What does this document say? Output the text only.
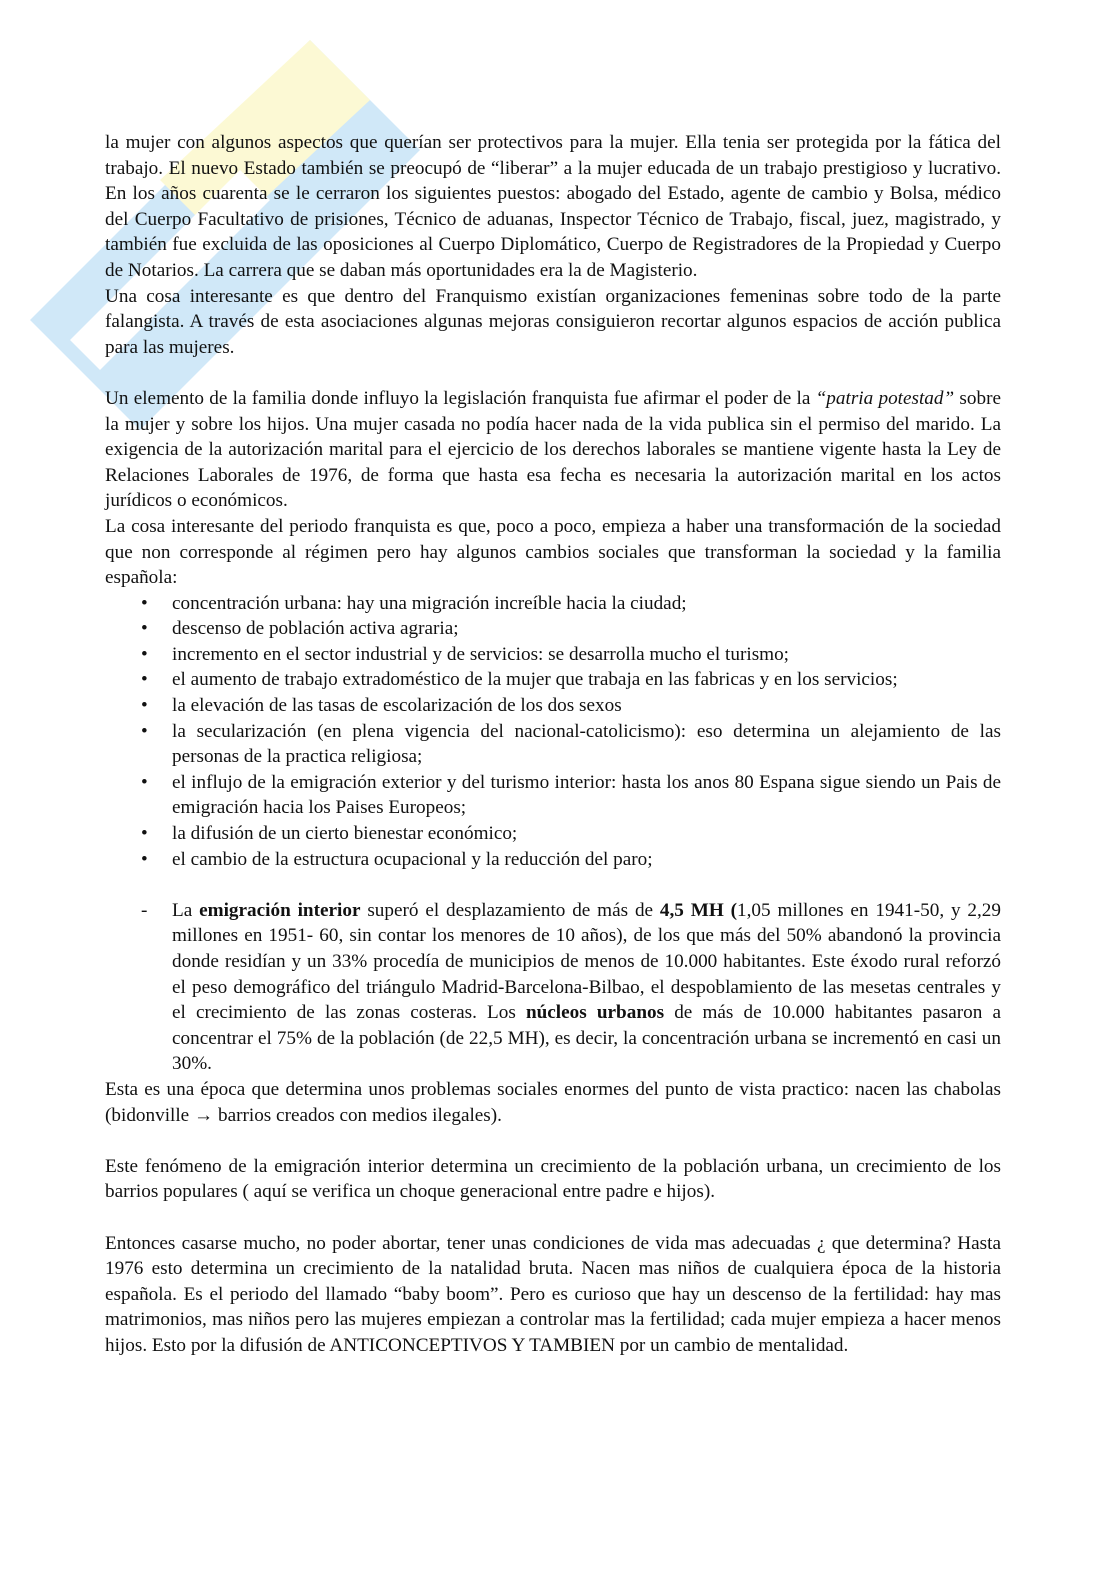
la mujer con algunos aspectos que querían ser protectivos para la mujer. Ella tenia ser protegida por la fática del trabajo. El nuevo Estado también se preocupó de “liberar” a la mujer educada de un trabajo prestigioso y lucrativo. En los años cuarenta se le cerraron los siguientes puestos: abogado del Estado, agente de cambio y Bolsa, médico del Cuerpo Facultativo de prisiones, Técnico de aduanas, Inspector Técnico de Trabajo, fiscal, juez, magistrado, y también fue excluida de las oposiciones al Cuerpo Diplomático, Cuerpo de Registradores de la Propiedad y Cuerpo de Notarios. La carrera que se daban más oportunidades era la de Magisterio.

Una cosa interesante es que dentro del Franquismo existían organizaciones femeninas sobre todo de la parte falangista. A través de esta asociaciones algunas mejoras consiguieron recortar algunos espacios de acción publica para las mujeres.

Un elemento de la familia donde influyo la legislación franquista fue afirmar el poder de la “patria potestad” sobre la mujer y sobre los hijos. Una mujer casada no podía hacer nada de la vida publica sin el permiso del marido. La exigencia de la autorización marital para el ejercicio de los derechos laborales se mantiene vigente hasta la Ley de Relaciones Laborales de 1976, de forma que hasta esa fecha es necesaria la autorización marital en los actos jurídicos o económicos.

La cosa interesante del periodo franquista es que, poco a poco, empieza a haber una transformación de la sociedad que non corresponde al régimen pero hay algunos cambios sociales que transforman la sociedad y la familia española:

• concentración urbana: hay una migración increíble hacia la ciudad;
• descenso de población activa agraria;
• incremento en el sector industrial y de servicios: se desarrolla mucho el turismo;
• el aumento de trabajo extradoméstico de la mujer que trabaja en las fabricas y en los servicios;
• la elevación de las tasas de escolarización de los dos sexos
• la secularización (en plena vigencia del nacional-catolicismo): eso determina un alejamiento de las personas de la practica religiosa;
• el influjo de la emigración exterior y del turismo interior: hasta los anos 80 Espana sigue siendo un Pais de emigración hacia los Paises Europeos;
• la difusión de un cierto bienestar económico;
• el cambio de la estructura ocupacional y la reducción del paro;
- La emigración interior superó el desplazamiento de más de 4,5 MH (1,05 millones en 1941-50, y 2,29 millones en 1951- 60, sin contar los menores de 10 años), de los que más del 50% abandonó la provincia donde residían y un 33% procedía de municipios de menos de 10.000 habitantes. Este éxodo rural reforzó el peso demográfico del triángulo Madrid-Barcelona-Bilbao, el despoblamiento de las mesetas centrales y el crecimiento de las zonas costeras. Los núcleos urbanos de más de 10.000 habitantes pasaron a concentrar el 75% de la población (de 22,5 MH), es decir, la concentración urbana se incrementó en casi un 30%.

Esta es una época que determina unos problemas sociales enormes del punto de vista practico: nacen las chabolas (bidonville → barrios creados con medios ilegales).

Este fenómeno de la emigración interior determina un crecimiento de la población urbana, un crecimiento de los barrios populares ( aquí se verifica un choque generacional entre padre e hijos).

Entonces casarse mucho, no poder abortar, tener unas condiciones de vida mas adecuadas ¿ que determina? Hasta 1976 esto determina un crecimiento de la natalidad bruta. Nacen mas niños de cualquiera época de la historia española. Es el periodo del llamado “baby boom”. Pero es curioso que hay un descenso de la fertilidad: hay mas matrimonios, mas niños pero las mujeres empiezan a controlar mas la fertilidad; cada mujer empieza a hacer menos hijos. Esto por la difusión de ANTICONCEPTIVOS Y TAMBIEN por un cambio de mentalidad.
